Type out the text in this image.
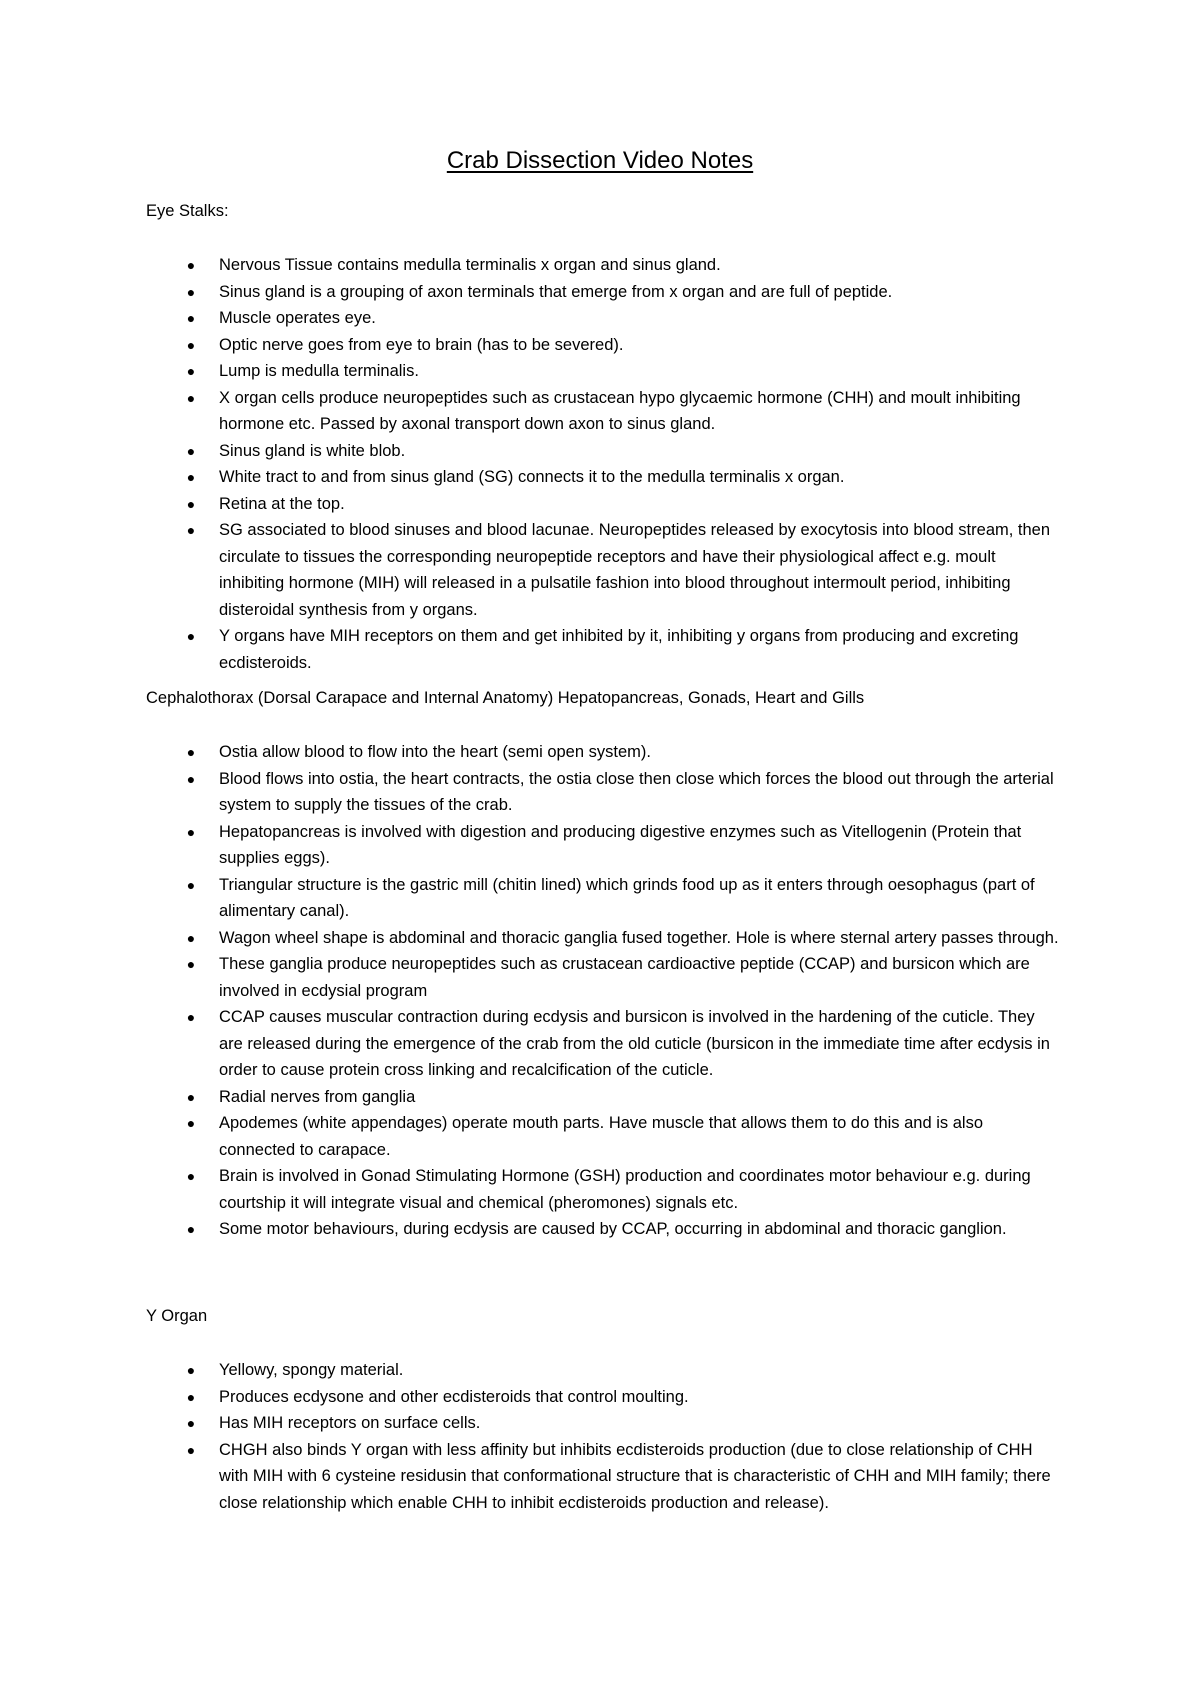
Crab Dissection Video Notes
Eye Stalks:
● Nervous Tissue contains medulla terminalis x organ and sinus gland.
● Sinus gland is a grouping of axon terminals that emerge from x organ and are full of peptide.
● Muscle operates eye.
● Optic nerve goes from eye to brain (has to be severed).
● Lump is medulla terminalis.
● X organ cells produce neuropeptides such as crustacean hypo glycaemic hormone (CHH) and moult inhibiting hormone etc. Passed by axonal transport down axon to sinus gland.
● Sinus gland is white blob.
● White tract to and from sinus gland (SG) connects it to the medulla terminalis x organ.
● Retina at the top.
● SG associated to blood sinuses and blood lacunae. Neuropeptides released by exocytosis into blood stream, then circulate to tissues the corresponding neuropeptide receptors and have their physiological affect e.g. moult inhibiting hormone (MIH) will released in a pulsatile fashion into blood throughout intermoult period, inhibiting disteroidal synthesis from y organs.
● Y organs have MIH receptors on them and get inhibited by it, inhibiting y organs from producing and excreting ecdisteroids.
Cephalothorax (Dorsal Carapace and Internal Anatomy) Hepatopancreas, Gonads, Heart and Gills
● Ostia allow blood to flow into the heart (semi open system).
● Blood flows into ostia, the heart contracts, the ostia close then close which forces the blood out through the arterial system to supply the tissues of the crab.
● Hepatopancreas is involved with digestion and producing digestive enzymes such as Vitellogenin (Protein that supplies eggs).
● Triangular structure is the gastric mill (chitin lined) which grinds food up as it enters through oesophagus (part of alimentary canal).
● Wagon wheel shape is abdominal and thoracic ganglia fused together. Hole is where sternal artery passes through.
● These ganglia produce neuropeptides such as crustacean cardioactive peptide (CCAP) and bursicon which are involved in ecdysial program
● CCAP causes muscular contraction during ecdysis and bursicon is involved in the hardening of the cuticle. They are released during the emergence of the crab from the old cuticle (bursicon in the immediate time after ecdysis in order to cause protein cross linking and recalcification of the cuticle.
● Radial nerves from ganglia
● Apodemes (white appendages) operate mouth parts. Have muscle that allows them to do this and is also connected to carapace.
● Brain is involved in Gonad Stimulating Hormone (GSH) production and coordinates motor behaviour e.g. during courtship it will integrate visual and chemical (pheromones) signals etc.
● Some motor behaviours, during ecdysis are caused by CCAP, occurring in abdominal and thoracic ganglion.
Y Organ
● Yellowy, spongy material.
● Produces ecdysone and other ecdisteroids that control moulting.
● Has MIH receptors on surface cells.
● CHGH also binds Y organ with less affinity but inhibits ecdisteroids production (due to close relationship of CHH with MIH with 6 cysteine residusin that conformational structure that is characteristic of CHH and MIH family; there close relationship which enable CHH to inhibit ecdisteroids production and release).
